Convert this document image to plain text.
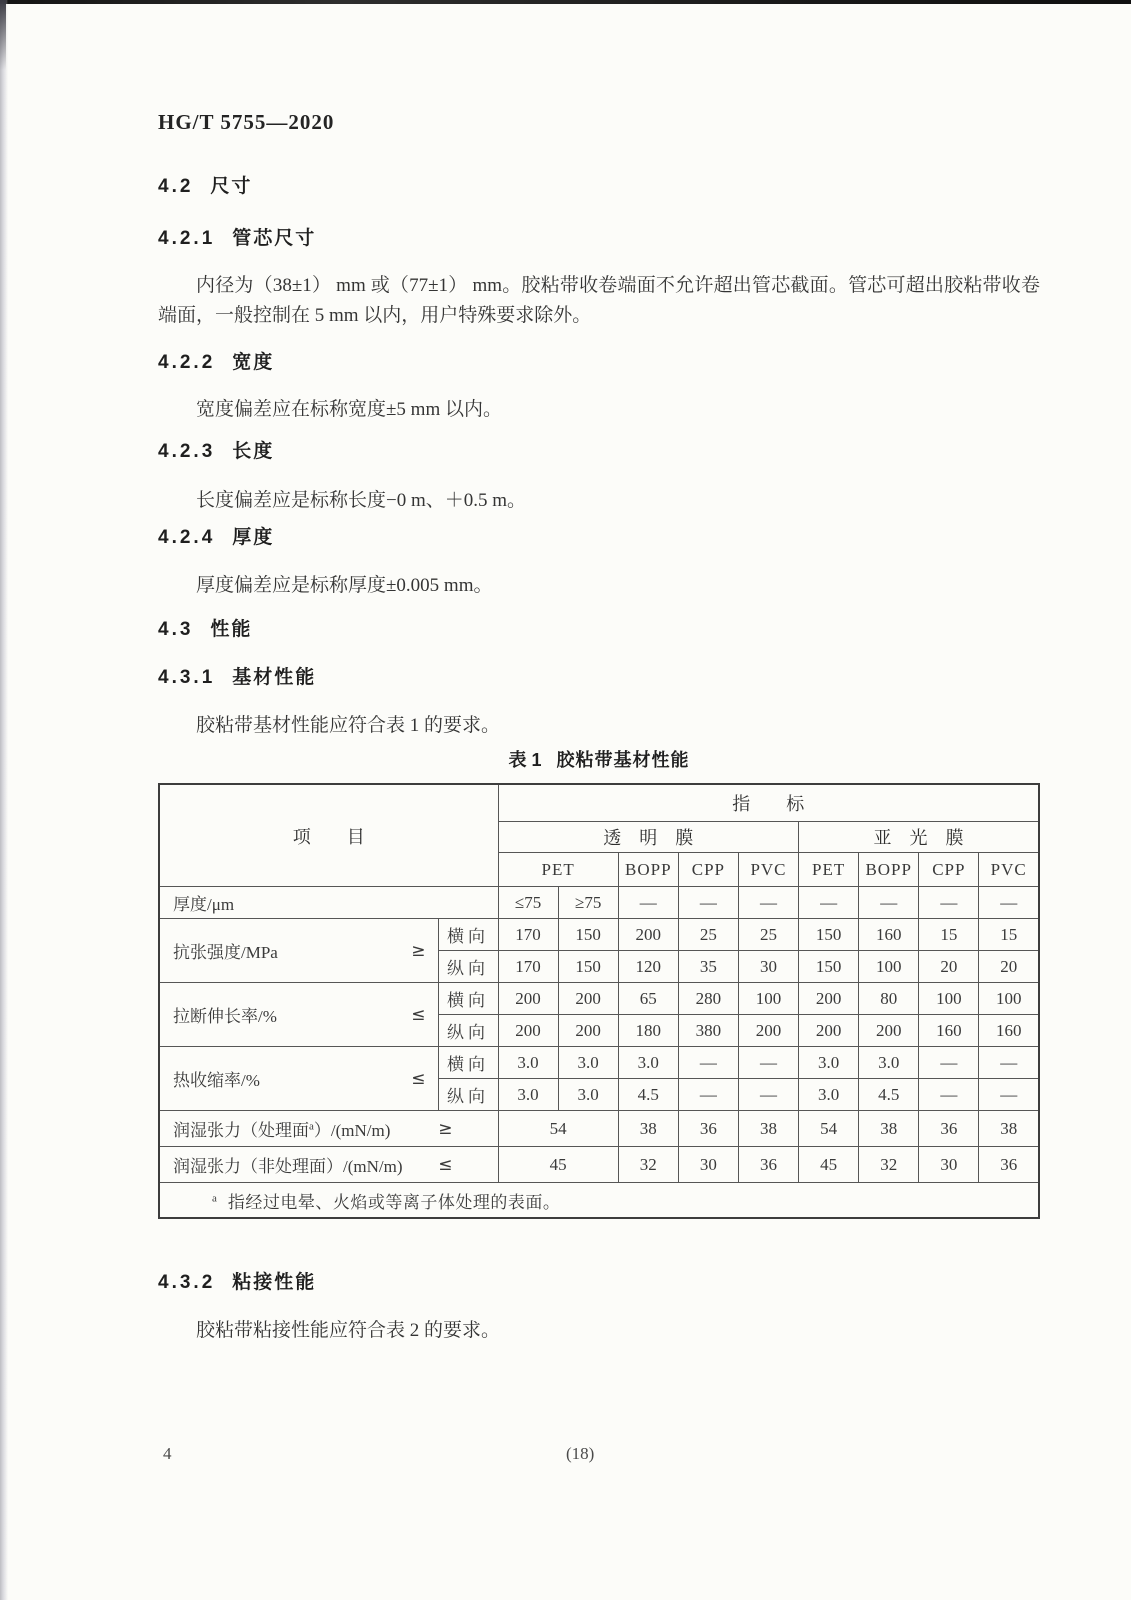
HG/T 5755—2020
4.2 尺寸
4.2.1 管芯尺寸
内径为（38±1） mm 或（77±1） mm。胶粘带收卷端面不允许超出管芯截面。管芯可超出胶粘带收卷端面，一般控制在 5 mm 以内，用户特殊要求除外。
4.2.2 宽度
宽度偏差应在标称宽度±5 mm 以内。
4.2.3 长度
长度偏差应是标称长度−0 m、＋0.5 m。
4.2.4 厚度
厚度偏差应是标称厚度±0.005 mm。
4.3 性能
4.3.1 基材性能
胶粘带基材性能应符合表 1 的要求。
表 1 胶粘带基材性能
项　　目		指　　标								
		透　明　膜					亚　光　膜			
		PET		BOPP	CPP	PVC	PET	BOPP	CPP	PVC
厚度/μm		≤75	≥75	—	—	—	—	—	—	—

抗张强度/MPa ≥	横向	170	150	200	25	25	150	160	15	15
	纵向	170	150	120	35	30	150	100	20	20

拉断伸长率/% ≤	横向	200	200	65	280	100	200	80	100	100
	纵向	200	200	180	380	200	200	200	160	160

热收缩率/% ≤	横向	3.0	3.0	3.0	—	—	3.0	3.0	—	—
	纵向	3.0	3.0	4.5	—	—	3.0	4.5	—	—

润湿张力（处理面$^a$）/(mN/m) ≥		54		38	36	38	54	38	36	38

润湿张力（非处理面）/(mN/m) ≤		45		32	30	36	45	32	30	36
$^a$ 指经过电晕、火焰或等离子体处理的表面。										
4.3.2 粘接性能
胶粘带粘接性能应符合表 2 的要求。
4	(18)
